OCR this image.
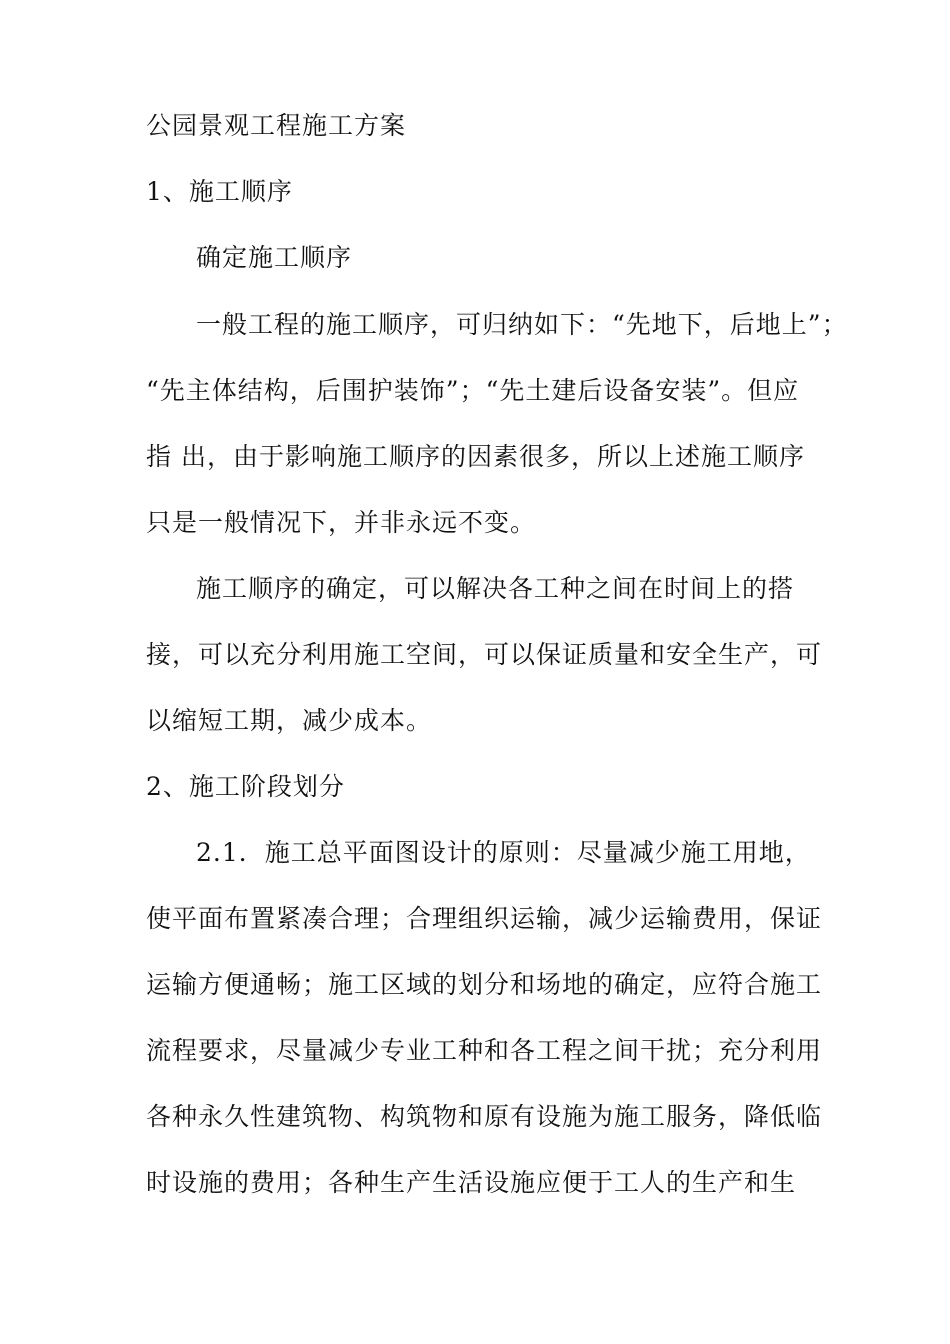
公园景观工程施工方案
1、施工顺序
确定施工顺序
一般工程的施工顺序，可归纳如下：“先地下，后地上”；
“先主体结构，后围护装饰”；“先土建后设备安装”。但应
指 出，由于影响施工顺序的因素很多，所以上述施工顺序
只是一般情况下，并非永远不变。
施工顺序的确定，可以解决各工种之间在时间上的搭
接，可以充分利用施工空间，可以保证质量和安全生产，可
以缩短工期，减少成本。
2、施工阶段划分
2.1．施工总平面图设计的原则：尽量减少施工用地，
使平面布置紧凑合理；合理组织运输，减少运输费用，保证
运输方便通畅；施工区域的划分和场地的确定，应符合施工
流程要求，尽量减少专业工种和各工程之间干扰；充分利用
各种永久性建筑物、构筑物和原有设施为施工服务，降低临
时设施的费用；各种生产生活设施应便于工人的生产和生
